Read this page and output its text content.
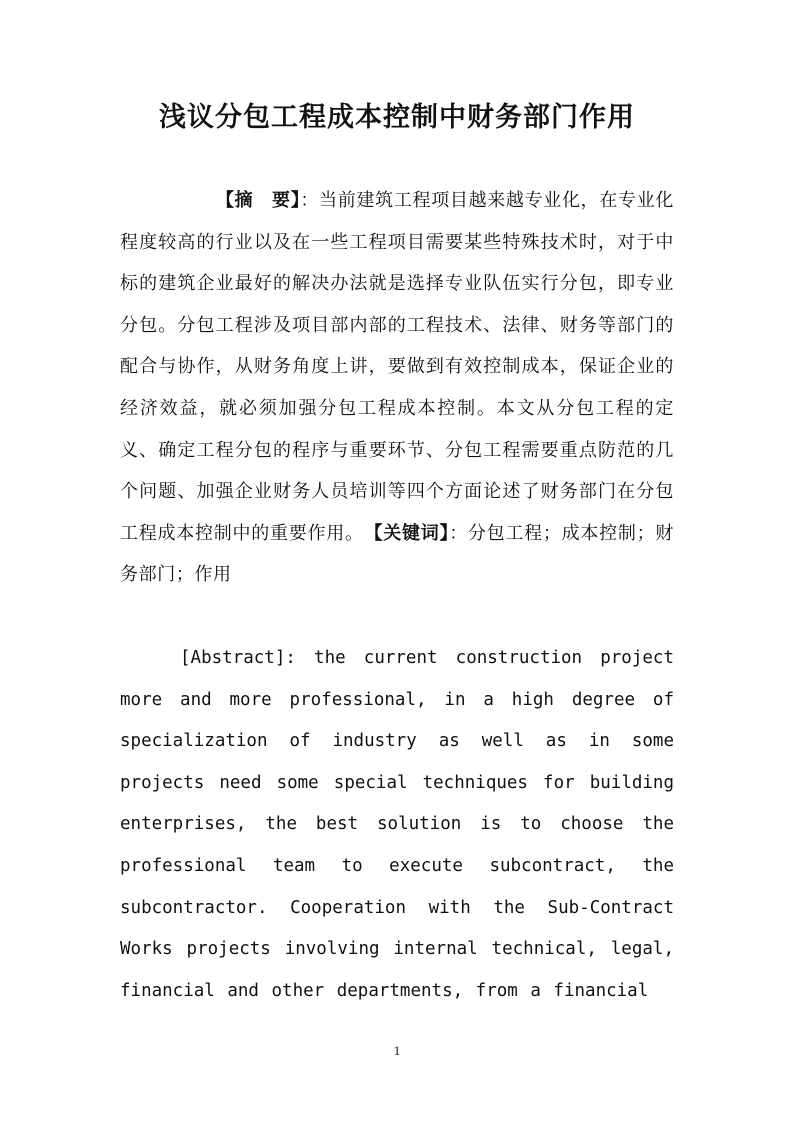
浅议分包工程成本控制中财务部门作用

【摘　要】：当前建筑工程项目越来越专业化，在专业化程度较高的行业以及在一些工程项目需要某些特殊技术时，对于中标的建筑企业最好的解决办法就是选择专业队伍实行分包，即专业分包。分包工程涉及项目部内部的工程技术、法律、财务等部门的配合与协作，从财务角度上讲，要做到有效控制成本，保证企业的经济效益，就必须加强分包工程成本控制。本文从分包工程的定义、确定工程分包的程序与重要环节、分包工程需要重点防范的几个问题、加强企业财务人员培训等四个方面论述了财务部门在分包工程成本控制中的重要作用。　【关键词】：分包工程；成本控制；财务部门；作用

[Abstract]: the current construction project more and more professional, in a high degree of specialization of industry as well as in some projects need some special techniques for building enterprises, the best solution is to choose the professional team to execute subcontract, the subcontractor. Cooperation with the Sub-Contract Works projects involving internal technical, legal, financial and other departments, from a financial

1
